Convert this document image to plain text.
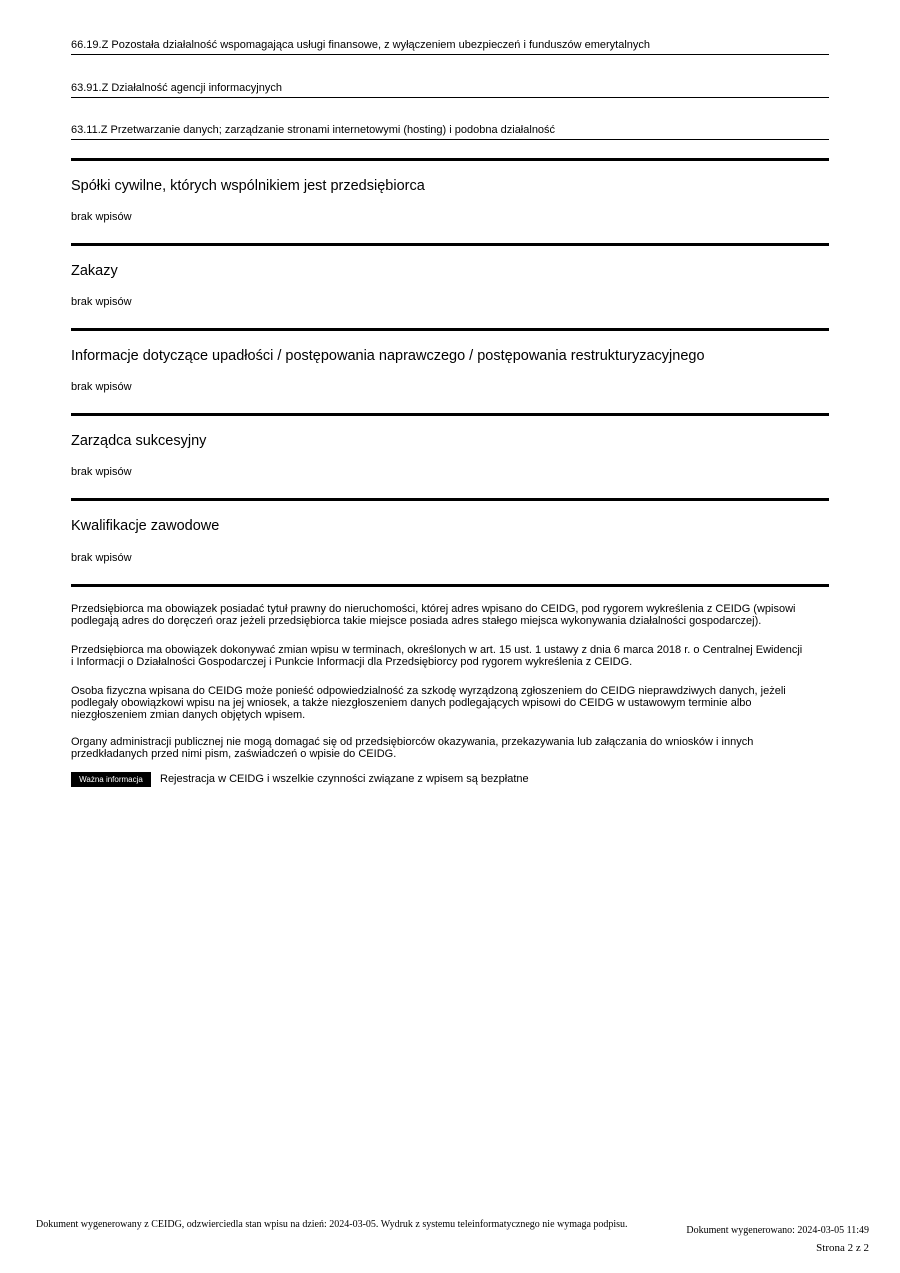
66.19.Z Pozostała działalność wspomagająca usługi finansowe, z wyłączeniem ubezpieczeń i funduszów emerytalnych
63.91.Z Działalność agencji informacyjnych
63.11.Z Przetwarzanie danych; zarządzanie stronami internetowymi (hosting) i podobna działalność
Spółki cywilne, których wspólnikiem jest przedsiębiorca
brak wpisów
Zakazy
brak wpisów
Informacje dotyczące upadłości / postępowania naprawczego / postępowania restrukturyzacyjnego
brak wpisów
Zarządca sukcesyjny
brak wpisów
Kwalifikacje zawodowe
brak wpisów
Przedsiębiorca ma obowiązek posiadać tytuł prawny do nieruchomości, której adres wpisano do CEIDG, pod rygorem wykreślenia z CEIDG (wpisowi
podlegają adres do doręczeń oraz jeżeli przedsiębiorca takie miejsce posiada adres stałego miejsca wykonywania działalności gospodarczej).
Przedsiębiorca ma obowiązek dokonywać zmian wpisu w terminach, określonych w art. 15 ust. 1 ustawy z dnia 6 marca 2018 r. o Centralnej Ewidencji
i Informacji o Działalności Gospodarczej i Punkcie Informacji dla Przedsiębiorcy pod rygorem wykreślenia z CEIDG.
Osoba fizyczna wpisana do CEIDG może ponieść odpowiedzialność za szkodę wyrządzoną zgłoszeniem do CEIDG nieprawdziwych danych, jeżeli
podlegały obowiązkowi wpisu na jej wniosek, a także niezgłoszeniem danych podlegających wpisowi do CEIDG w ustawowym terminie albo
niezgłoszeniem zmian danych objętych wpisem.
Organy administracji publicznej nie mogą domagać się od przedsiębiorców okazywania, przekazywania lub załączania do wniosków i innych
przedkładanych przed nimi pism, zaświadczeń o wpisie do CEIDG.
Ważna informacja	Rejestracja w CEIDG i wszelkie czynności związane z wpisem są bezpłatne
Dokument wygenerowany z CEIDG, odzwierciedla stan wpisu na dzień: 2024-03-05. Wydruk z systemu teleinformatycznego nie wymaga podpisu.
Dokument wygenerowano: 2024-03-05 11:49
Strona 2 z 2
